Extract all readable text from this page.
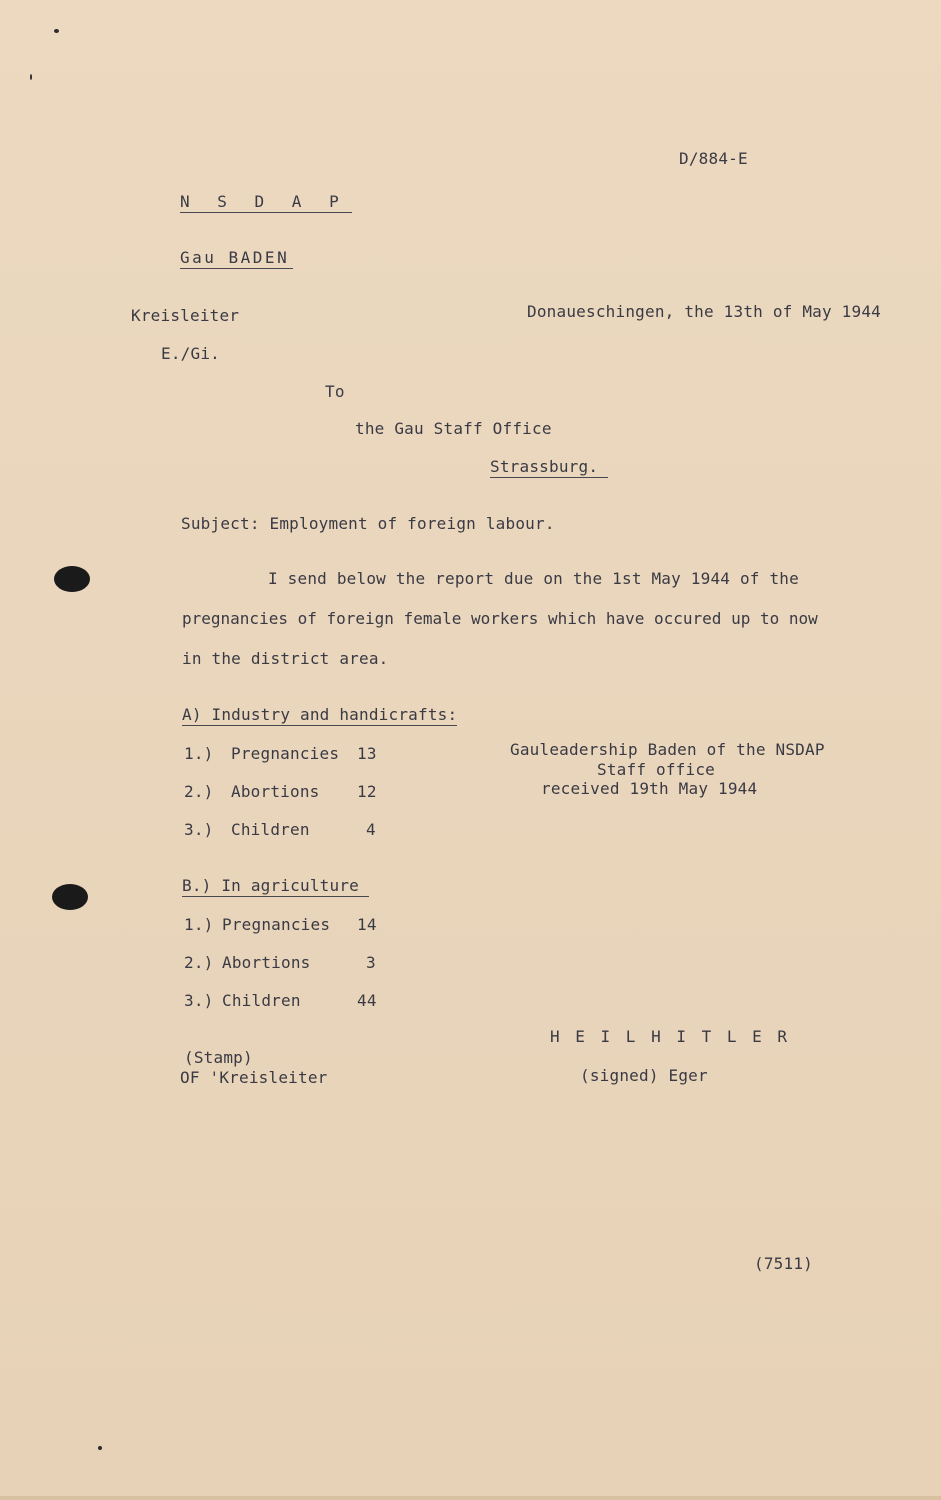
D/884-E
N S D A P
Gau BADEN
Kreisleiter	Donaueschingen, the 13th of May 1944
E./Gi.
To
the Gau Staff Office
Strassburg.
Subject: Employment of foreign labour.
I send below the report due on the 1st May 1944 of the
pregnancies of foreign female workers which have occured up to now
in the district area.
A) Industry and handicrafts:
1.) Pregnancies 13
2.) Abortions 12
3.) Children	4
Gauleadership Baden of the NSDAP
Staff office
received 19th May 1944
B.) In agriculture
1.) Pregnancies 14
2.) Abortions	3
3.) Children	44
H E I L H I T L E R
(Stamp)
OF 'Kreisleiter	(signed) Eger
(7511)
